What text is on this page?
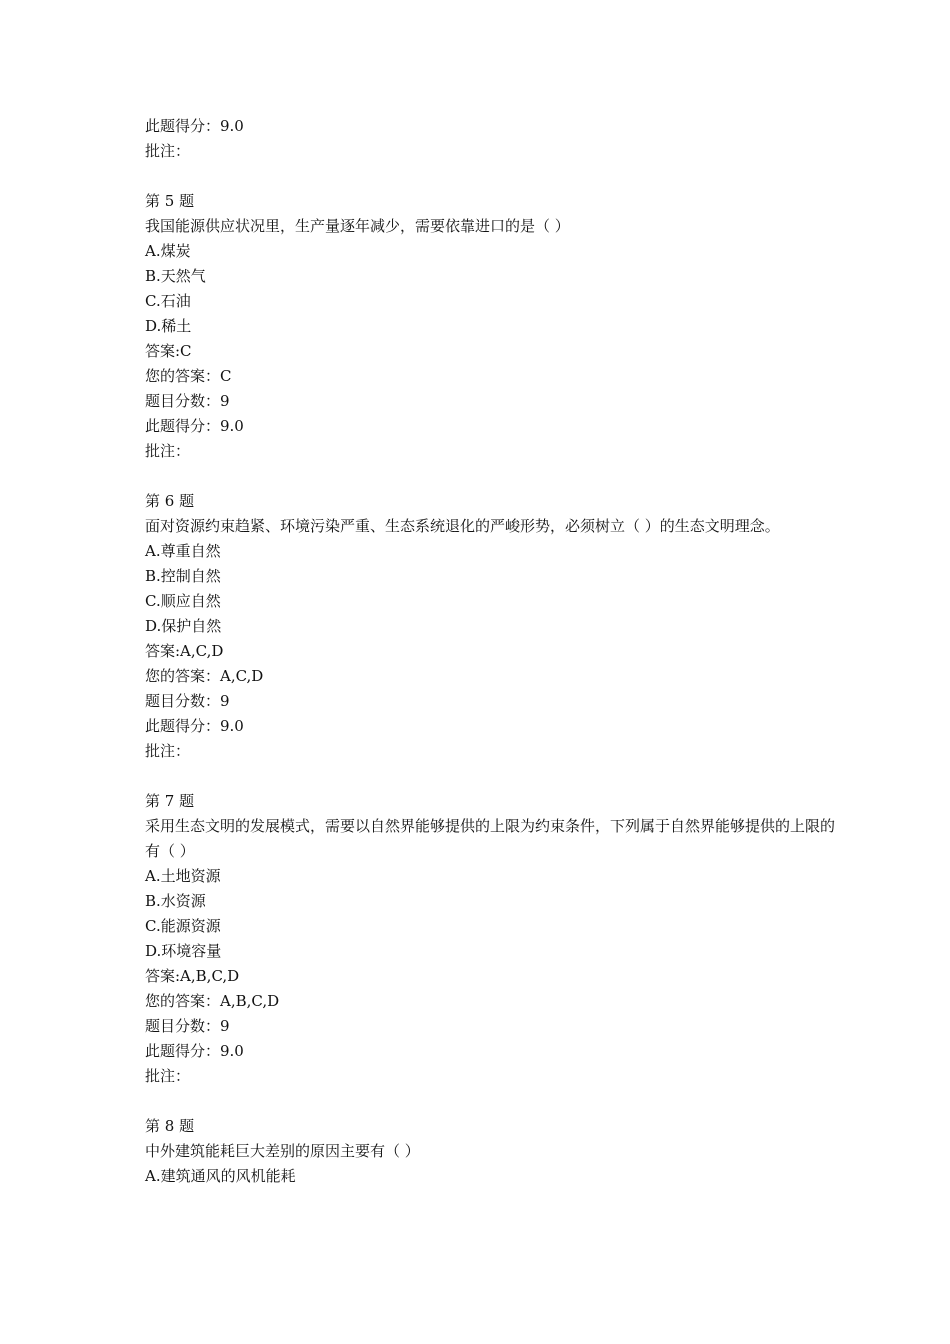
此题得分：9.0
批注：
第 5 题
我国能源供应状况里，生产量逐年减少，需要依靠进口的是（ ）
A.煤炭
B.天然气
C.石油
D.稀土
答案:C
您的答案：C
题目分数：9
此题得分：9.0
批注：
第 6 题
面对资源约束趋紧、环境污染严重、生态系统退化的严峻形势，必须树立（ ）的生态文明理念。
A.尊重自然
B.控制自然
C.顺应自然
D.保护自然
答案:A,C,D
您的答案：A,C,D
题目分数：9
此题得分：9.0
批注：
第 7 题
采用生态文明的发展模式，需要以自然界能够提供的上限为约束条件，下列属于自然界能够提供的上限的有（ ）
A.土地资源
B.水资源
C.能源资源
D.环境容量
答案:A,B,C,D
您的答案：A,B,C,D
题目分数：9
此题得分：9.0
批注：
第 8 题
中外建筑能耗巨大差别的原因主要有（ ）
A.建筑通风的风机能耗
